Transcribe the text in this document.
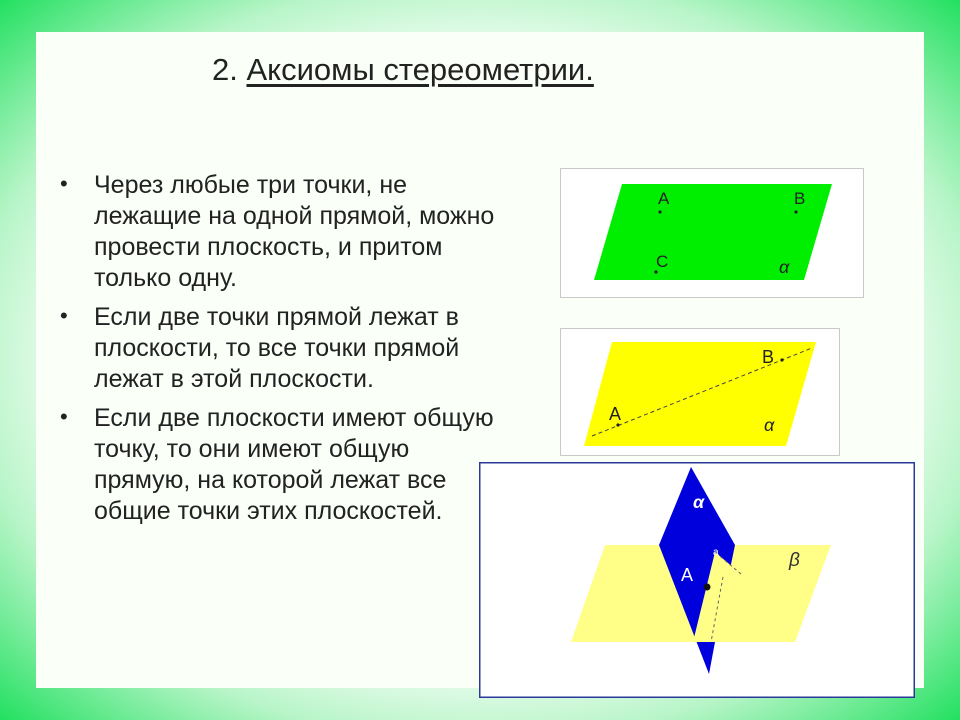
2. Аксиомы стереометрии.
• Через любые три точки, не лежащие на одной прямой, можно провести плоскость, и притом только одну.
• Если две точки прямой лежат в плоскости, то все точки прямой лежат в этой плоскости.
• Если две плоскости имеют общую точку, то они имеют общую прямую, на которой лежат все общие точки этих плоскостей.
A	B
C	α
A
B
α
α
A
a	β
